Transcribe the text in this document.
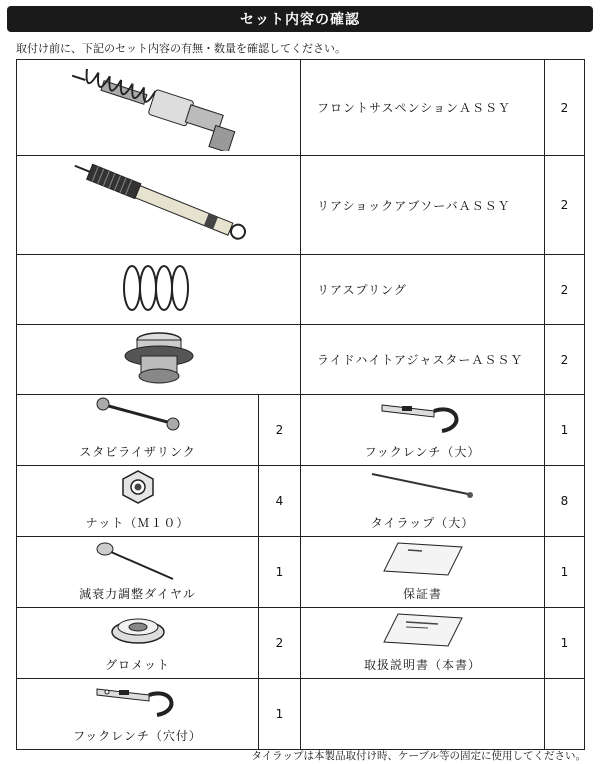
セット内容の確認
取付け前に、下記のセット内容の有無・数量を確認してください。
	フロントサスペンションＡＳＳＹ	2
	リアショックアブソーバＡＳＳＹ	2
	リアスプリング	2
	ライドハイトアジャスターＡＳＳＹ	2

スタビライザリンク	2	フックレンチ（大）	1

ナット（Ｍ１０）	4	タイラップ（大）	8

減衰力調整ダイヤル	1	保証書	1

グロメット	2	取扱説明書（本書）	1

フックレンチ（穴付）	1		
タイラップは本製品取付け時、ケーブル等の固定に使用してください。
